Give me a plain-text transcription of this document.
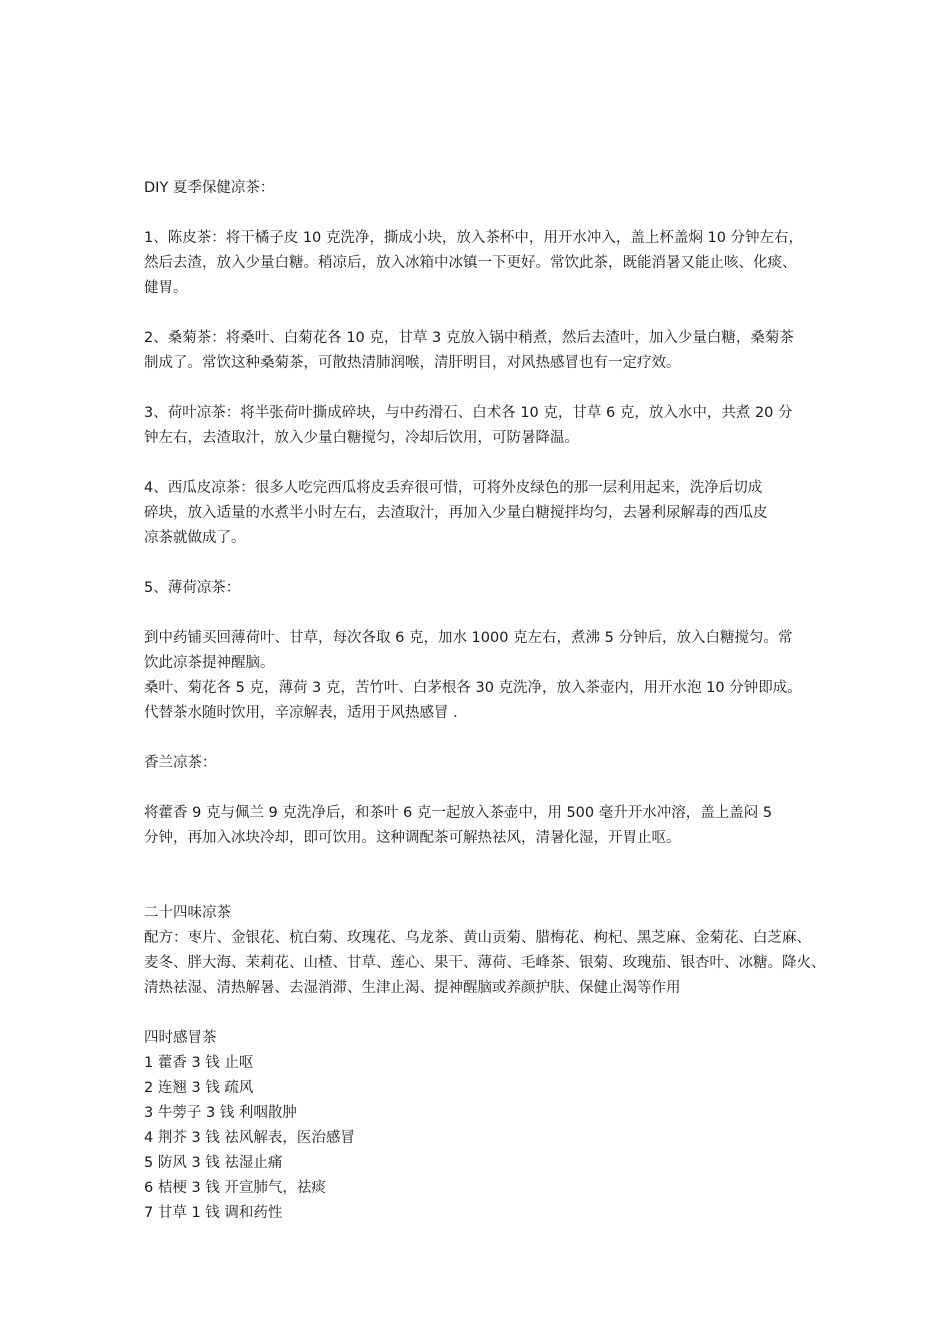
DIY 夏季保健凉茶：
1、陈皮茶：将干橘子皮 10 克洗净，撕成小块，放入茶杯中，用开水冲入，盖上杯盖焖 10 分钟左右，
然后去渣，放入少量白糖。稍凉后，放入冰箱中冰镇一下更好。常饮此茶，既能消暑又能止咳、化痰、
健胃。
2、桑菊茶：将桑叶、白菊花各 10 克，甘草 3 克放入锅中稍煮，然后去渣叶，加入少量白糖，桑菊茶
制成了。常饮这种桑菊茶，可散热清肺润喉，清肝明目，对风热感冒也有一定疗效。
3、荷叶凉茶：将半张荷叶撕成碎块，与中药滑石、白术各 10 克，甘草 6 克，放入水中，共煮 20 分
钟左右，去渣取汁，放入少量白糖搅匀，冷却后饮用，可防暑降温。
4、西瓜皮凉茶：很多人吃完西瓜将皮丢弃很可惜，可将外皮绿色的那一层利用起来，洗净后切成
碎块，放入适量的水煮半小时左右，去渣取汁，再加入少量白糖搅拌均匀，去暑利尿解毒的西瓜皮
凉茶就做成了。
5、薄荷凉茶：
到中药铺买回薄荷叶、甘草，每次各取 6 克，加水 1000 克左右，煮沸 5 分钟后，放入白糖搅匀。常
饮此凉茶提神醒脑。
桑叶、菊花各 5 克，薄荷 3 克，苦竹叶、白茅根各 30 克洗净，放入茶壶内，用开水泡 10 分钟即成。
代替茶水随时饮用，辛凉解表，适用于风热感冒 .
香兰凉茶：
将藿香 9 克与佩兰 9 克洗净后，和茶叶 6 克一起放入茶壶中，用 500 毫升开水冲溶，盖上盖闷 5
分钟，再加入冰块冷却，即可饮用。这种调配茶可解热祛风，清暑化湿，开胃止呕。
二十四味凉茶
配方：枣片、金银花、杭白菊、玫瑰花、乌龙茶、黄山贡菊、腊梅花、枸杞、黑芝麻、金菊花、白芝麻、
麦冬、胖大海、茉莉花、山楂、甘草、莲心、果干、薄荷、毛峰茶、银菊、玫瑰茄、银杏叶、冰糖。降火、
清热祛湿、清热解暑、去湿消滞、生津止渴、提神醒脑或养颜护肤、保健止渴等作用
四时感冒茶
1 藿香 3 钱 止呕
2 连翘 3 钱 疏风
3 牛蒡子 3 钱 利咽散肿
4 荆芥 3 钱 祛风解表，医治感冒
5 防风 3 钱 祛湿止痛
6 桔梗 3 钱 开宣肺气，祛痰
7 甘草 1 钱 调和药性
